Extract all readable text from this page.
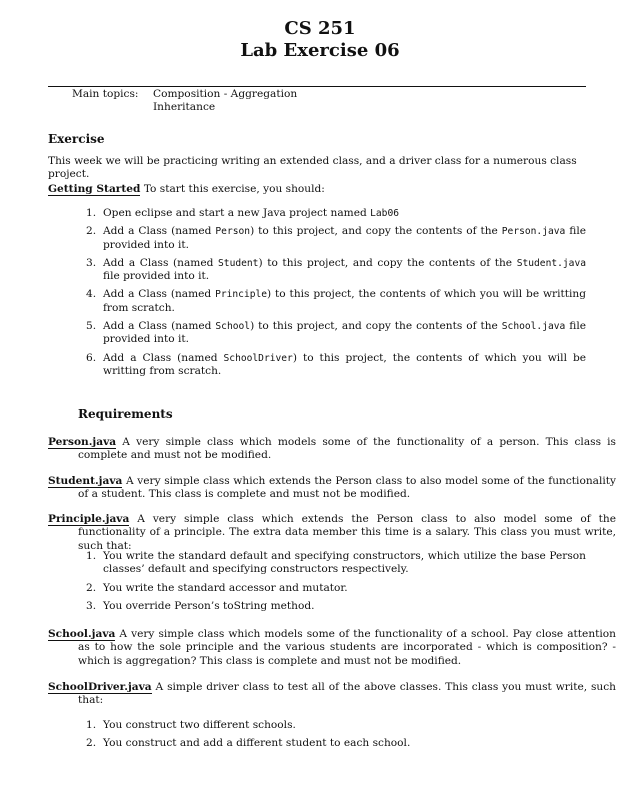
CS 251
Lab Exercise 06
Main topics: Composition - Aggregation
Inheritance
Exercise
This week we will be practicing writing an extended class, and a driver class for a numerous class project.
Getting Started To start this exercise, you should:
1. Open eclipse and start a new Java project named Lab06
2. Add a Class (named Person) to this project, and copy the contents of the Person.java file provided into it.
3. Add a Class (named Student) to this project, and copy the contents of the Student.java file provided into it.
4. Add a Class (named Principle) to this project, the contents of which you will be writting from scratch.
5. Add a Class (named School) to this project, and copy the contents of the School.java file provided into it.
6. Add a Class (named SchoolDriver) to this project, the contents of which you will be writting from scratch.
Requirements
Person.java A very simple class which models some of the functionality of a person. This class is complete and must not be modified.
Student.java A very simple class which extends the Person class to also model some of the functionality of a student. This class is complete and must not be modified.
Principle.java A very simple class which extends the Person class to also model some of the functionality of a principle. The extra data member this time is a salary. This class you must write, such that:
1. You write the standard default and specifying constructors, which utilize the base Person classes’ default and specifying constructors respectively.
2. You write the standard accessor and mutator.
3. You override Person’s toString method.
School.java A very simple class which models some of the functionality of a school. Pay close attention as to how the sole principle and the various students are incorporated - which is composition? - which is aggregation? This class is complete and must not be modified.
SchoolDriver.java A simple driver class to test all of the above classes. This class you must write, such that:
1. You construct two different schools.
2. You construct and add a different student to each school.
